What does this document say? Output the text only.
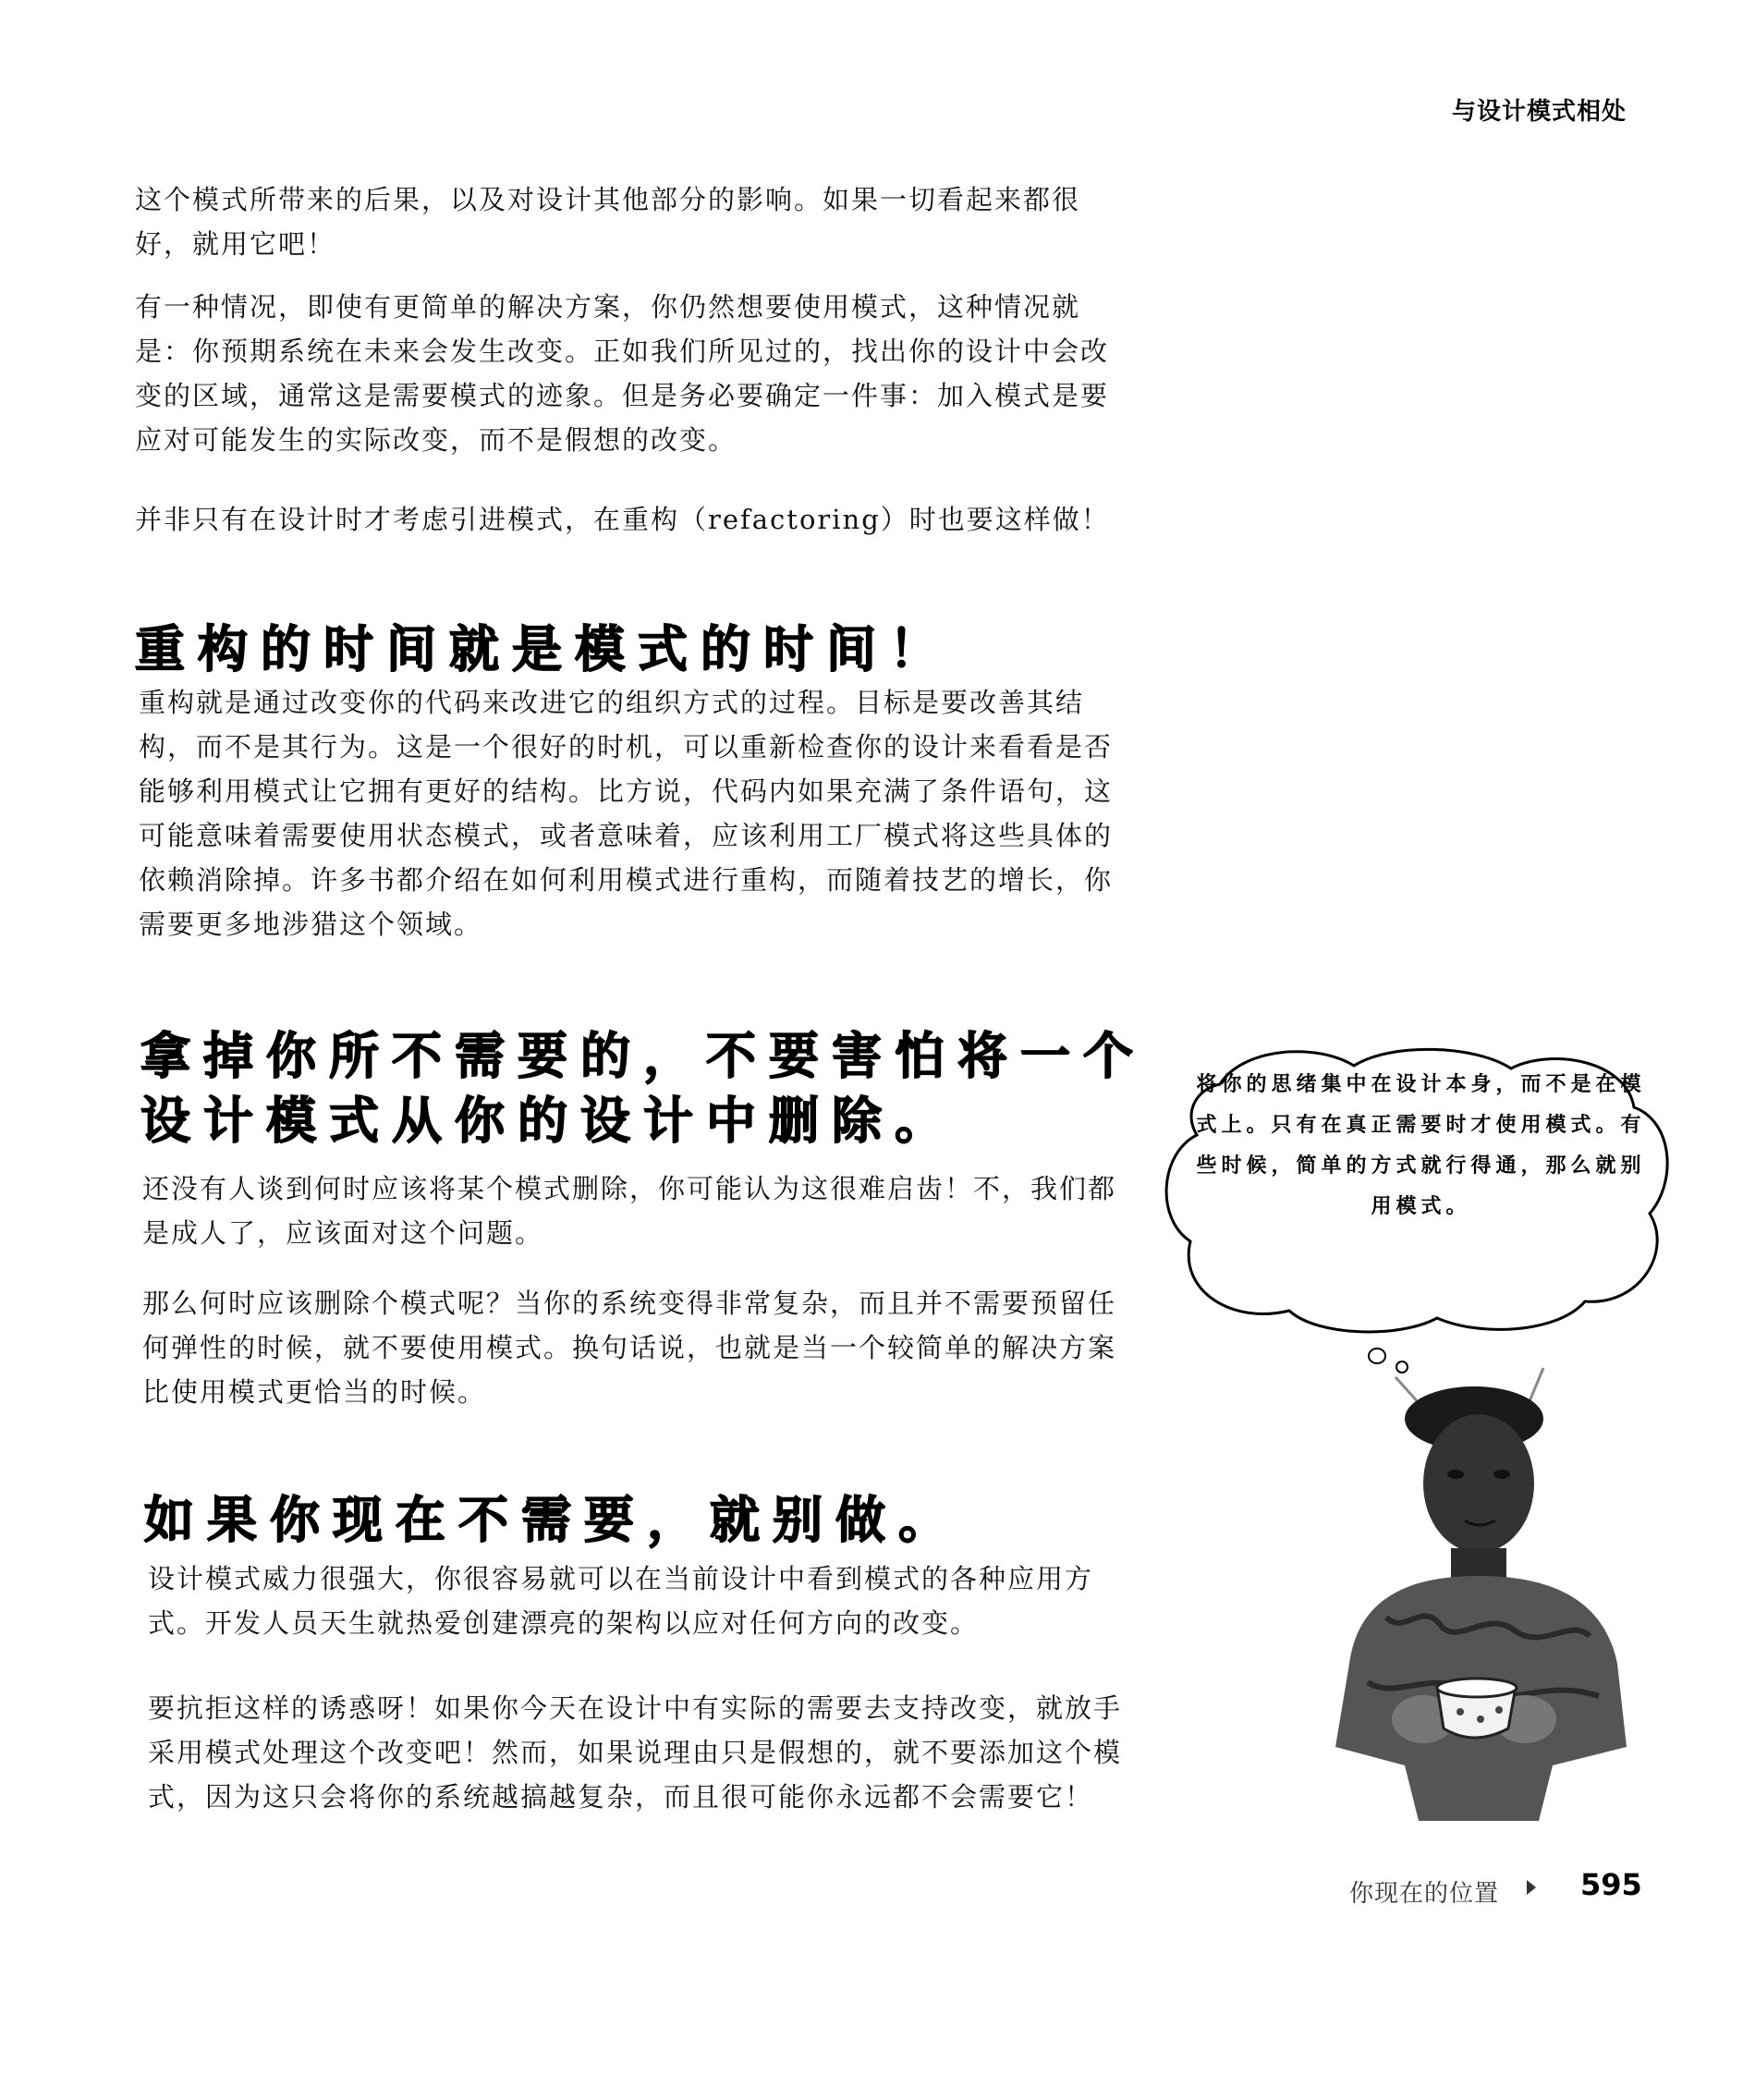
与设计模式相处

这个模式所带来的后果，以及对设计其他部分的影响。如果一切看起来都很好，就用它吧！

有一种情况，即使有更简单的解决方案，你仍然想要使用模式，这种情况就是：你预期系统在未来会发生改变。正如我们所见过的，找出你的设计中会改变的区域，通常这是需要模式的迹象。但是务必要确定一件事：加入模式是要应对可能发生的实际改变，而不是假想的改变。

并非只有在设计时才考虑引进模式，在重构（refactoring）时也要这样做！

重构的时间就是模式的时间！

重构就是通过改变你的代码来改进它的组织方式的过程。目标是要改善其结构，而不是其行为。这是一个很好的时机，可以重新检查你的设计来看看是否能够利用模式让它拥有更好的结构。比方说，代码内如果充满了条件语句，这可能意味着需要使用状态模式，或者意味着，应该利用工厂模式将这些具体的依赖消除掉。许多书都介绍在如何利用模式进行重构，而随着技艺的增长，你需要更多地涉猎这个领域。

拿掉你所不需要的，不要害怕将一个设计模式从你的设计中删除。

还没有人谈到何时应该将某个模式删除，你可能认为这很难启齿！不，我们都是成人了，应该面对这个问题。

那么何时应该删除个模式呢？当你的系统变得非常复杂，而且并不需要预留任何弹性的时候，就不要使用模式。换句话说，也就是当一个较简单的解决方案比使用模式更恰当的时候。

如果你现在不需要，就别做。

设计模式威力很强大，你很容易就可以在当前设计中看到模式的各种应用方式。开发人员天生就热爱创建漂亮的架构以应对任何方向的改变。

要抗拒这样的诱惑呀！如果你今天在设计中有实际的需要去支持改变，就放手采用模式处理这个改变吧！然而，如果说理由只是假想的，就不要添加这个模式，因为这只会将你的系统越搞越复杂，而且很可能你永远都不会需要它！

将你的思绪集中在设计本身，而不是在模式上。只有在真正需要时才使用模式。有些时候，简单的方式就行得通，那么就别用模式。
你现在的位置	595
